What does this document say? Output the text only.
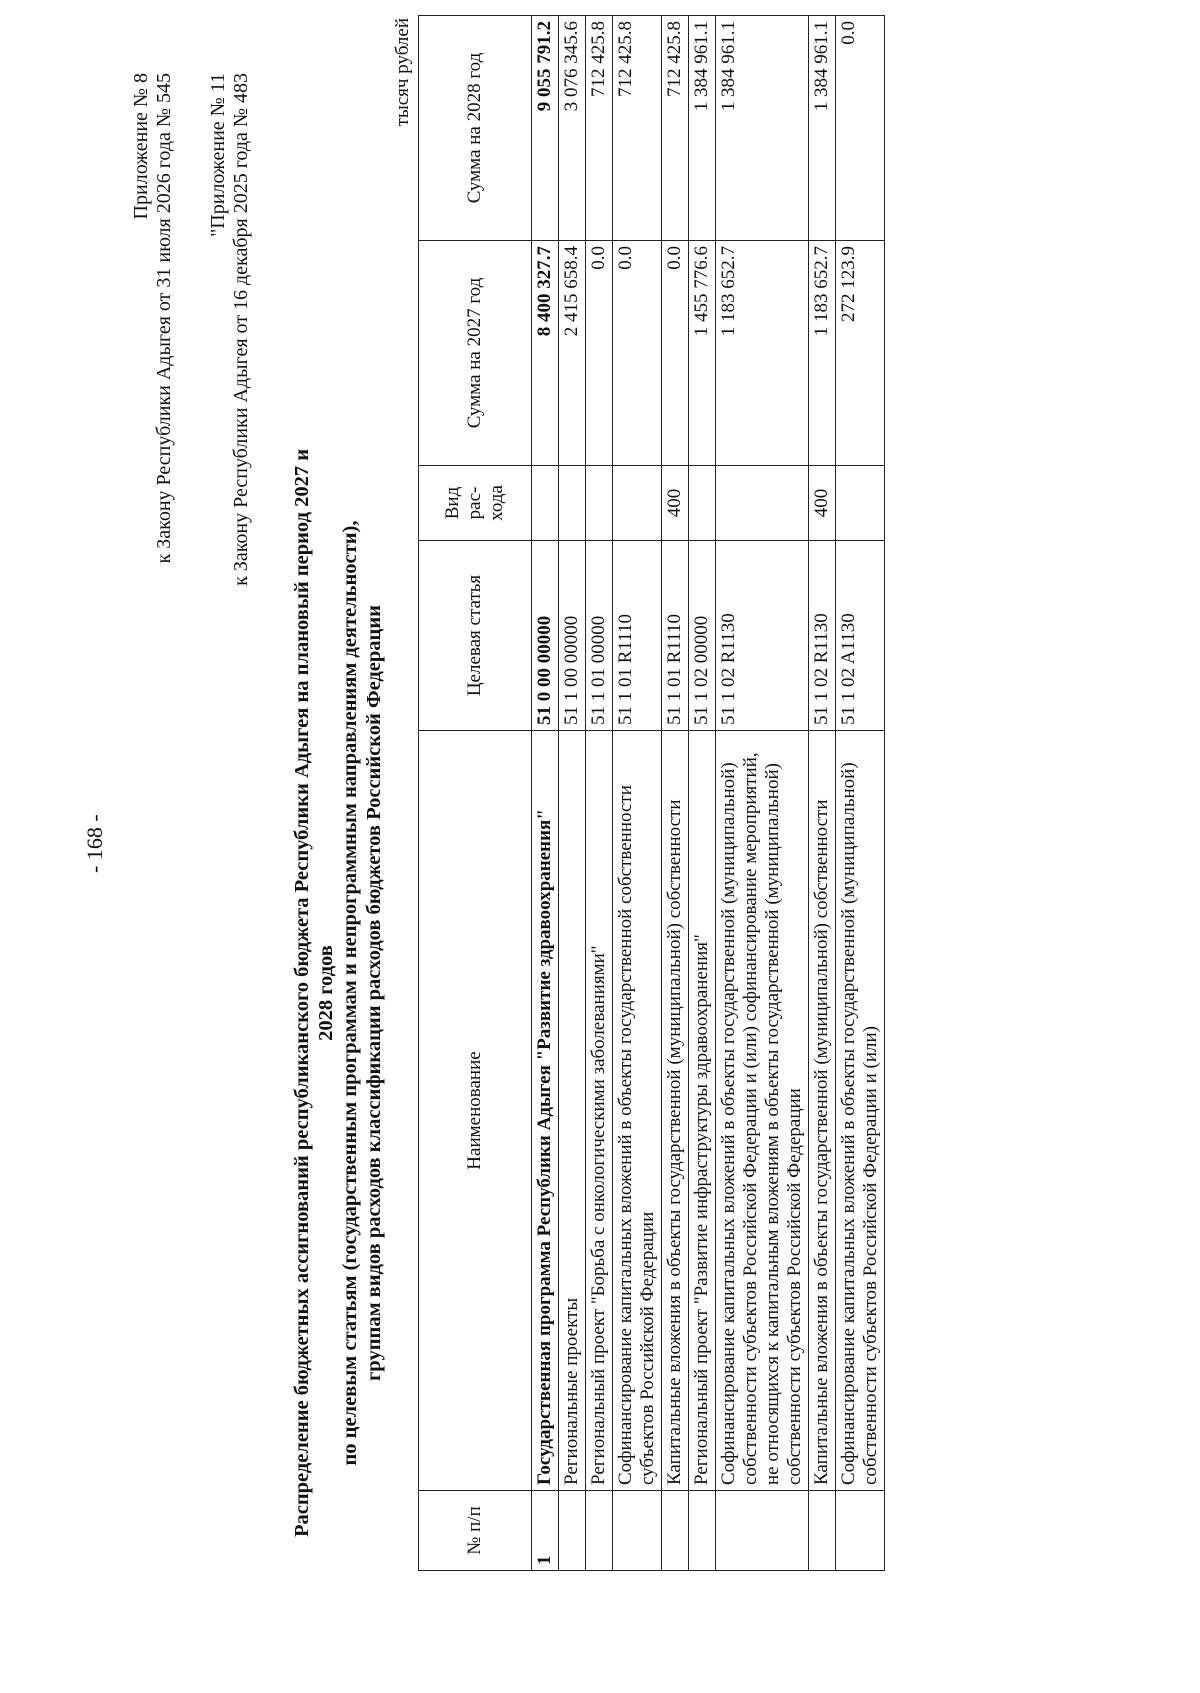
- 168 -
Приложение № 8 к Закону Республики Адыгея от 31 июля 2026 года № 545 "Приложение № 11 к Закону Республики Адыгея от 16 декабря 2025 года № 483
Распределение бюджетных ассигнований республиканского бюджета Республики Адыгея на плановый период 2027 и 2028 годов по целевым статьям (государственным программам и непрограммным направлениям деятельности), группам видов расходов классификации расходов бюджетов Российской Федерации
тысяч рублей
№ п/п	Наименование	Целевая статья	Вид рас-хода	Сумма на 2027 год	Сумма на 2028 год
1	Государственная программа Республики Адыгея "Развитие здравоохранения"	51 0 00 00000		8 400 327.7	9 055 791.2
	Региональные проекты	51 1 00 00000		2 415 658.4	3 076 345.6
	Региональный проект "Борьба с онкологическими заболеваниями"	51 1 01 00000		0.0	712 425.8
	Софинансирование капитальных вложений в объекты государственной собственности субъектов Российской Федерации	51 1 01 R1110		0.0	712 425.8
	Капитальные вложения в объекты государственной (муниципальной) собственности	51 1 01 R1110	400	0.0	712 425.8
	Региональный проект "Развитие инфраструктуры здравоохранения"	51 1 02 00000		1 455 776.6	1 384 961.1
	Софинансирование капитальных вложений в объекты государственной (муниципальной) собственности субъектов Российской Федерации и (или) софинансирование мероприятий, не относящихся к капитальным вложениям в объекты государственной (муниципальной) собственности субъектов Российской Федерации	51 1 02 R1130		1 183 652.7	1 384 961.1
	Капитальные вложения в объекты государственной (муниципальной) собственности	51 1 02 R1130	400	1 183 652.7	1 384 961.1
	Софинансирование капитальных вложений в объекты государственной (муниципальной) собственности субъектов Российской Федерации и (или)	51 1 02 A1130		272 123.9	0.0
